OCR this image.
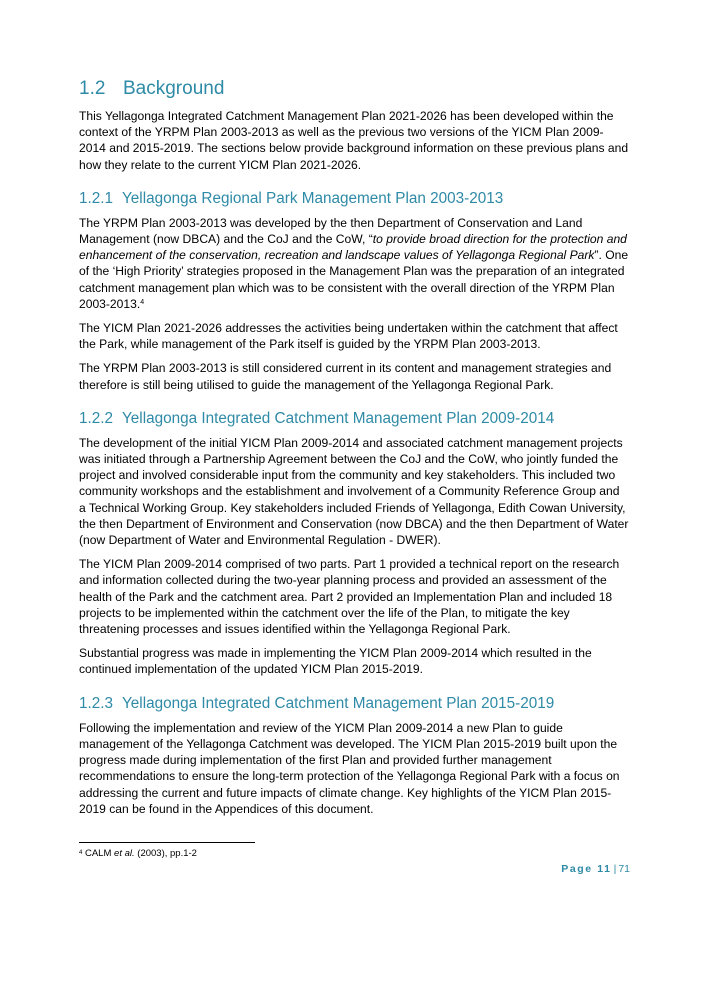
1.2 Background

This Yellagonga Integrated Catchment Management Plan 2021-2026 has been developed within the context of the YRPM Plan 2003-2013 as well as the previous two versions of the YICM Plan 2009-2014 and 2015-2019. The sections below provide background information on these previous plans and how they relate to the current YICM Plan 2021-2026.

1.2.1 Yellagonga Regional Park Management Plan 2003-2013

The YRPM Plan 2003-2013 was developed by the then Department of Conservation and Land Management (now DBCA) and the CoJ and the CoW, “to provide broad direction for the protection and enhancement of the conservation, recreation and landscape values of Yellagonga Regional Park”. One of the ‘High Priority’ strategies proposed in the Management Plan was the preparation of an integrated catchment management plan which was to be consistent with the overall direction of the YRPM Plan 2003-2013.$^4$

The YICM Plan 2021-2026 addresses the activities being undertaken within the catchment that affect the Park, while management of the Park itself is guided by the YRPM Plan 2003-2013.

The YRPM Plan 2003-2013 is still considered current in its content and management strategies and therefore is still being utilised to guide the management of the Yellagonga Regional Park.

1.2.2 Yellagonga Integrated Catchment Management Plan 2009-2014

The development of the initial YICM Plan 2009-2014 and associated catchment management projects was initiated through a Partnership Agreement between the CoJ and the CoW, who jointly funded the project and involved considerable input from the community and key stakeholders. This included two community workshops and the establishment and involvement of a Community Reference Group and a Technical Working Group. Key stakeholders included Friends of Yellagonga, Edith Cowan University, the then Department of Environment and Conservation (now DBCA) and the then Department of Water (now Department of Water and Environmental Regulation - DWER).

The YICM Plan 2009-2014 comprised of two parts. Part 1 provided a technical report on the research and information collected during the two-year planning process and provided an assessment of the health of the Park and the catchment area. Part 2 provided an Implementation Plan and included 18 projects to be implemented within the catchment over the life of the Plan, to mitigate the key threatening processes and issues identified within the Yellagonga Regional Park.

Substantial progress was made in implementing the YICM Plan 2009-2014 which resulted in the continued implementation of the updated YICM Plan 2015-2019.

1.2.3 Yellagonga Integrated Catchment Management Plan 2015-2019

Following the implementation and review of the YICM Plan 2009-2014 a new Plan to guide management of the Yellagonga Catchment was developed. The YICM Plan 2015-2019 built upon the progress made during implementation of the first Plan and provided further management recommendations to ensure the long-term protection of the Yellagonga Regional Park with a focus on addressing the current and future impacts of climate change. Key highlights of the YICM Plan 2015-2019 can be found in the Appendices of this document.

$^4$ CALM et al. (2003), pp.1-2
Page 11 | 71
